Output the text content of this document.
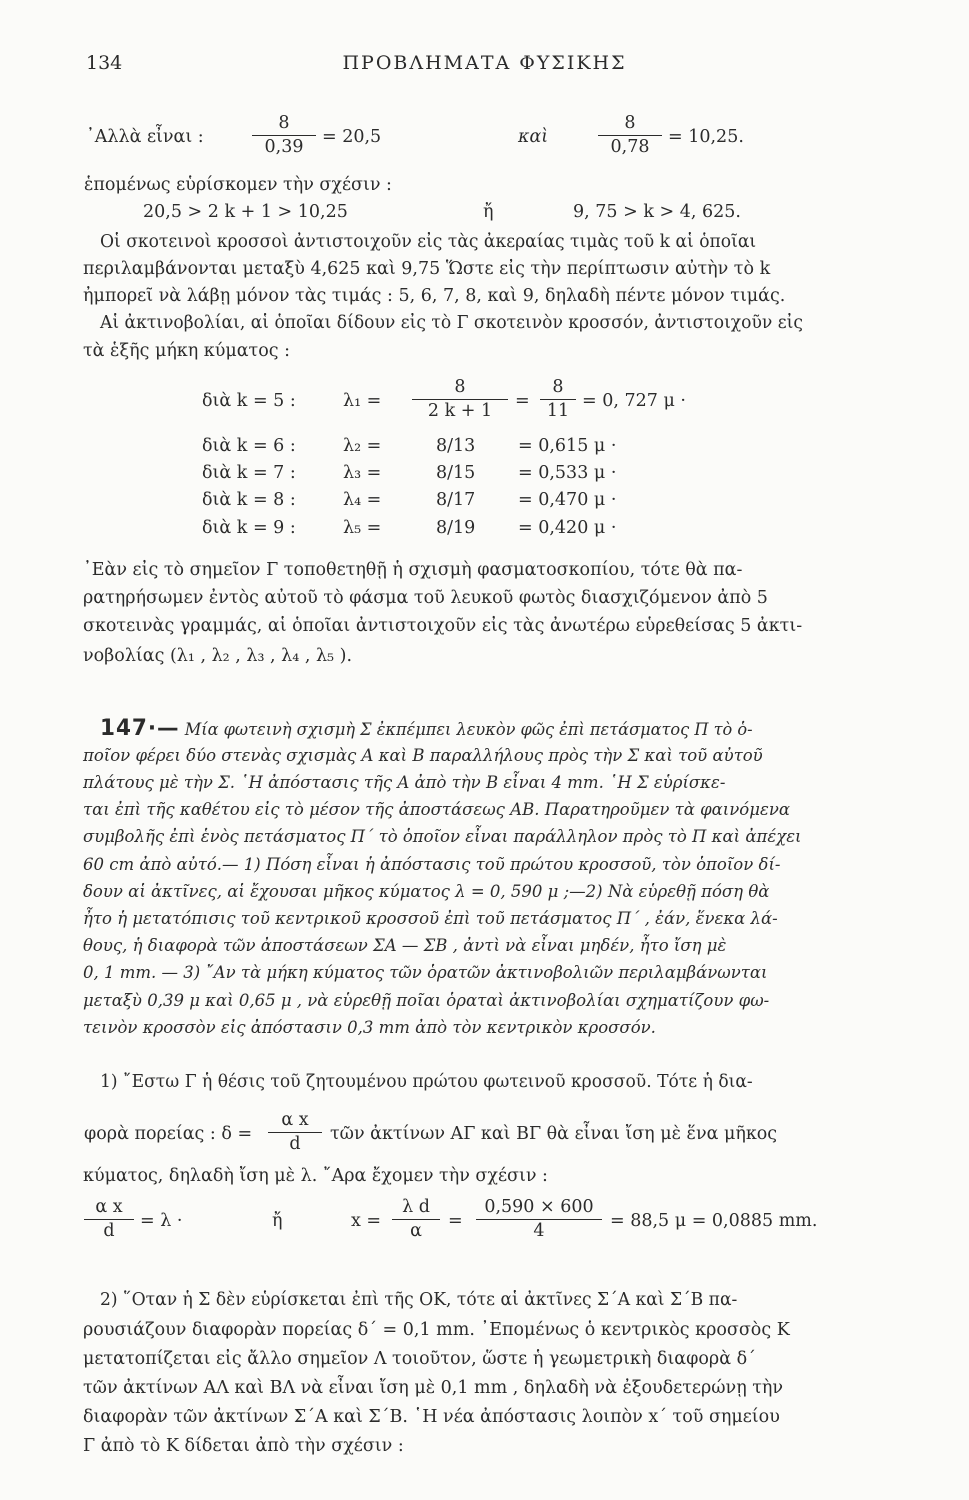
134	ΠΡΟΒΛΗΜΑΤΑ ΦΥΣΙΚΗΣ
᾿Αλλὰ εἶναι :	$\frac{8}{0,39} = 20,5$	καὶ	$\frac{8}{0,78} = 10,25$.
ἑπομένως εὑρίσκομεν τὴν σχέσιν :
20,5 > 2 k + 1 > 10,25	ἤ	9, 75 > k > 4, 625.
Οἱ σκοτεινοὶ κροσσοὶ ἀντιστοιχοῦν εἰς τὰς ἀκεραίας τιμὰς τοῦ k αἱ ὁποῖαι
περιλαμβάνονται μεταξὺ 4,625 καὶ 9,75 Ὥστε εἰς τὴν περίπτωσιν αὐτὴν τὸ k
ἠμπορεῖ νὰ λάβῃ μόνον τὰς τιμάς : 5, 6, 7, 8, καὶ 9, δηλαδὴ πέντε μόνον τιμάς.
Αἱ ἀκτινοβολίαι, αἱ ὁποῖαι δίδουν εἰς τὸ Γ σκοτεινὸν κροσσόν, ἀντιστοιχοῦν εἰς
τὰ ἑξῆς μήκη κύματος :
διὰ k = 5 :	$\lambda_1 = \frac{8}{2 k + 1} = \frac{8}{11} = 0$, 727 μ ·
διὰ k = 6 :	λ₂ =	8/13 = 0,615 μ ·
διὰ k = 7 :	λ₃ =	8/15 = 0,533 μ ·
διὰ k = 8 :	λ₄ =	8/17 = 0,470 μ ·
διὰ k = 9 :	λ₅ =	8/19 = 0,420 μ ·
᾿Εὰν εἰς τὸ σημεῖον Γ τοποθετηθῇ ἡ σχισμὴ φασματοσκοπίου, τότε θὰ πα-
ρατηρήσωμεν ἐντὸς αὐτοῦ τὸ φάσμα τοῦ λευκοῦ φωτὸς διασχιζόμενον ἀπὸ 5
σκοτεινὰς γραμμάς, αἱ ὁποῖαι ἀντιστοιχοῦν εἰς τὰς ἀνωτέρω εὑρεθείσας 5 ἀκτι-
νοβολίας (λ₁ , λ₂ , λ₃ , λ₄ , λ₅ ).
147·— Μία φωτεινὴ σχισμὴ Σ ἐκπέμπει λευκὸν φῶς ἐπὶ πετάσματος Π τὸ ὁ-
ποῖον φέρει δύο στενὰς σχισμὰς Α καὶ Β παραλλήλους πρὸς τὴν Σ καὶ τοῦ αὐτοῦ
πλάτους μὲ τὴν Σ. ῾Η ἀπόστασις τῆς Α ἀπὸ τὴν Β εἶναι 4 mm. ῾Η Σ εὑρίσκε-
ται ἐπὶ τῆς καθέτου εἰς τὸ μέσον τῆς ἀποστάσεως ΑΒ. Παρατηροῦμεν τὰ φαινόμενα
συμβολῆς ἐπὶ ἑνὸς πετάσματος Π΄ τὸ ὁποῖον εἶναι παράλληλον πρὸς τὸ Π καὶ ἀπέχει
60 cm ἀπὸ αὐτό.— 1) Πόση εἶναι ἡ ἀπόστασις τοῦ πρώτου κροσσοῦ, τὸν ὁποῖον δί-
δουν αἱ ἀκτῖνες, αἱ ἔχουσαι μῆκος κύματος λ = 0, 590 μ ;—2) Νὰ εὑρεθῇ πόση θὰ
ἦτο ἡ μετατόπισις τοῦ κεντρικοῦ κροσσοῦ ἐπὶ τοῦ πετάσματος Π΄ , ἐάν, ἕνεκα λά-
θους, ἡ διαφορὰ τῶν ἀποστάσεων ΣΑ — ΣΒ , ἀντὶ νὰ εἶναι μηδέν, ἦτο ἴση μὲ
0, 1 mm. — 3) ῎Αν τὰ μήκη κύματος τῶν ὁρατῶν ἀκτινοβολιῶν περιλαμβάνωνται
μεταξὺ 0,39 μ καὶ 0,65 μ , νὰ εὑρεθῇ ποῖαι ὁραταὶ ἀκτινοβολίαι σχηματίζουν φω-
τεινὸν κροσσὸν εἰς ἀπόστασιν 0,3 mm ἀπὸ τὸν κεντρικὸν κροσσόν.
1) ῎Εστω Γ ἡ θέσις τοῦ ζητουμένου πρώτου φωτεινοῦ κροσσοῦ. Τότε ἡ δια-
φορὰ πορείας : $\delta = \frac{\text{α x}}{d}$ τῶν ἀκτίνων ΑΓ καὶ ΒΓ θὰ εἶναι ἴση μὲ ἕνα μῆκος
κύματος, δηλαδὴ ἴση μὲ λ. ῎Αρα ἔχομεν τὴν σχέσιν :
$\frac{\text{α x}}{d} = \lambda$ ·	ἤ	$x = \frac{\text{λ d}}{\alpha} = \frac{0,590 \times 600}{4} = 88,5$ μ = 0,0885 mm.
2) ῞Οταν ἡ Σ δὲν εὑρίσκεται ἐπὶ τῆς ΟΚ, τότε αἱ ἀκτῖνες Σ΄Α καὶ Σ΄Β πα-
ρουσιάζουν διαφορὰν πορείας δ΄ = 0,1 mm. ᾿Επομένως ὁ κεντρικὸς κροσσὸς Κ
μετατοπίζεται εἰς ἄλλο σημεῖον Λ τοιοῦτον, ὥστε ἡ γεωμετρικὴ διαφορὰ δ΄
τῶν ἀκτίνων ΑΛ καὶ ΒΛ νὰ εἶναι ἴση μὲ 0,1 mm , δηλαδὴ νὰ ἐξουδετερώνῃ τὴν
διαφορὰν τῶν ἀκτίνων Σ΄Α καὶ Σ΄Β. ῾Η νέα ἀπόστασις λοιπὸν x΄ τοῦ σημείου
Γ ἀπὸ τὸ Κ δίδεται ἀπὸ τὴν σχέσιν :
